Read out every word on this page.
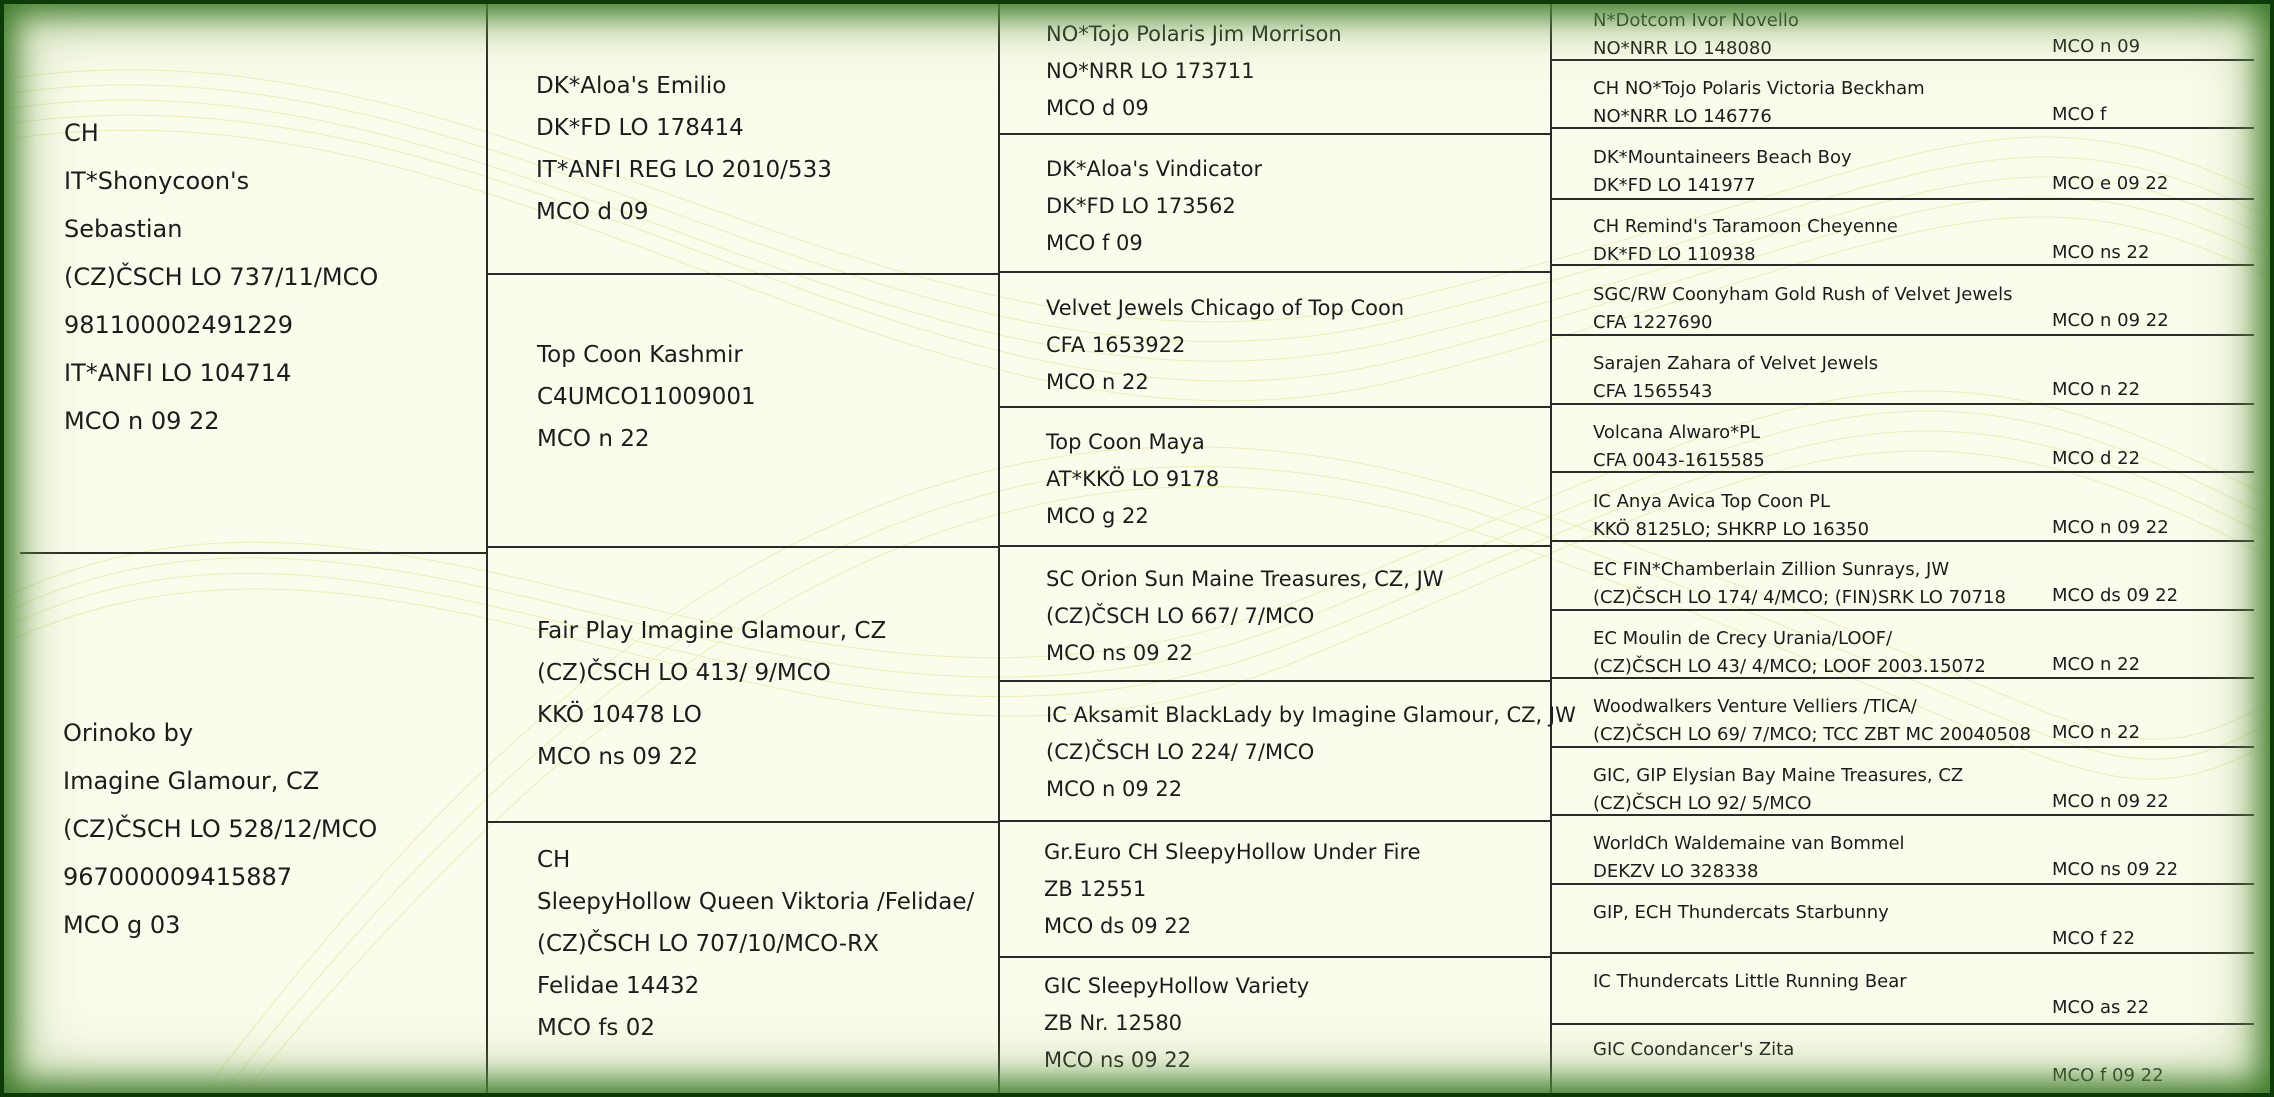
CH
IT*Shonycoon's
Sebastian
(CZ)ČSCH LO 737/11/MCO
981100002491229
IT*ANFI LO 104714
MCO n 09 22
Orinoko by
Imagine Glamour, CZ
(CZ)ČSCH LO 528/12/MCO
967000009415887
MCO g 03
DK*Aloa's Emilio
DK*FD LO 178414
IT*ANFI REG LO 2010/533
MCO d 09
Top Coon Kashmir
C4UMCO11009001
MCO n 22
Fair Play Imagine Glamour, CZ
(CZ)ČSCH LO 413/ 9/MCO
KKÖ 10478 LO
MCO ns 09 22
CH
SleepyHollow Queen Viktoria /Felidae/
(CZ)ČSCH LO 707/10/MCO-RX
Felidae 14432
MCO fs 02
NO*Tojo Polaris Jim Morrison
NO*NRR LO 173711
MCO d 09
DK*Aloa's Vindicator
DK*FD LO 173562
MCO f 09
Velvet Jewels Chicago of Top Coon
CFA 1653922
MCO n 22
Top Coon Maya
AT*KKÖ LO 9178
MCO g 22
SC Orion Sun Maine Treasures, CZ, JW
(CZ)ČSCH LO 667/ 7/MCO
MCO ns 09 22
IC Aksamit BlackLady by Imagine Glamour, CZ, JW
(CZ)ČSCH LO 224/ 7/MCO
MCO n 09 22
Gr.Euro CH SleepyHollow Under Fire
ZB 12551
MCO ds 09 22
GIC SleepyHollow Variety
ZB Nr. 12580
MCO ns 09 22
N*Dotcom Ivor Novello
NO*NRR LO 148080	MCO n 09
CH NO*Tojo Polaris Victoria Beckham
NO*NRR LO 146776	MCO f
DK*Mountaineers Beach Boy
DK*FD LO 141977	MCO e 09 22
CH Remind's Taramoon Cheyenne
DK*FD LO 110938	MCO ns 22
SGC/RW Coonyham Gold Rush of Velvet Jewels
CFA 1227690	MCO n 09 22
Sarajen Zahara of Velvet Jewels
CFA 1565543	MCO n 22
Volcana Alwaro*PL
CFA 0043-1615585	MCO d 22
IC Anya Avica Top Coon PL
KKÖ 8125LO; SHKRP LO 16350	MCO n 09 22
EC FIN*Chamberlain Zillion Sunrays, JW
(CZ)ČSCH LO 174/ 4/MCO; (FIN)SRK LO 70718	MCO ds 09 22
EC Moulin de Crecy Urania/LOOF/
(CZ)ČSCH LO 43/ 4/MCO; LOOF 2003.15072	MCO n 22
Woodwalkers Venture Velliers /TICA/
(CZ)ČSCH LO 69/ 7/MCO; TCC ZBT MC 20040508 MCO n 22
GIC, GIP Elysian Bay Maine Treasures, CZ
(CZ)ČSCH LO 92/ 5/MCO	MCO n 09 22
WorldCh Waldemaine van Bommel
DEKZV LO 328338	MCO ns 09 22
GIP, ECH Thundercats Starbunny
MCO f 22
IC Thundercats Little Running Bear
MCO as 22
GIC Coondancer's Zita
MCO f 09 22
